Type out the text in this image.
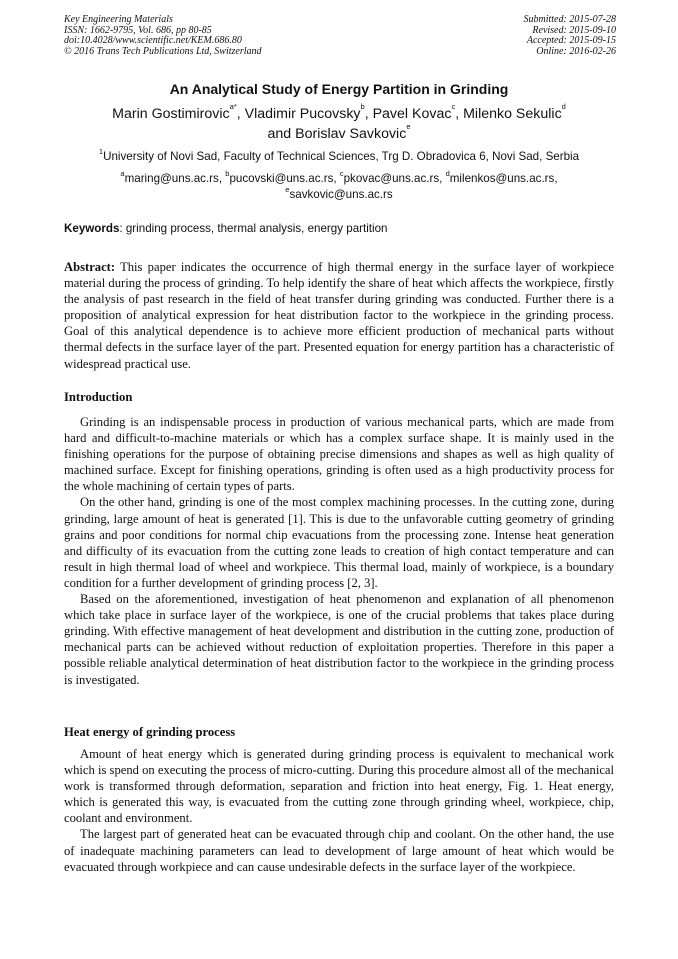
Key Engineering Materials
ISSN: 1662-9795, Vol. 686, pp 80-85
doi:10.4028/www.scientific.net/KEM.686.80
© 2016 Trans Tech Publications Ltd, Switzerland
Submitted: 2015-07-28
Revised: 2015-09-10
Accepted: 2015-09-15
Online: 2016-02-26
An Analytical Study of Energy Partition in Grinding
Marin Gostimirovic$^{a*}$, Vladimir Pucovsky$^b$, Pavel Kovac$^c$, Milenko Sekulic$^d$
and Borislav Savkovic$^e$
$^1$University of Novi Sad, Faculty of Technical Sciences, Trg D. Obradovica 6, Novi Sad, Serbia
$^a$maring@uns.ac.rs, $^b$pucovski@uns.ac.rs, $^c$pkovac@uns.ac.rs, $^d$milenkos@uns.ac.rs,
$^e$savkovic@uns.ac.rs
Keywords: grinding process, thermal analysis, energy partition

Abstract: This paper indicates the occurrence of high thermal energy in the surface layer of workpiece material during the process of grinding. To help identify the share of heat which affects the workpiece, firstly the analysis of past research in the field of heat transfer during grinding was conducted. Further there is a proposition of analytical expression for heat distribution factor to the workpiece in the grinding process. Goal of this analytical dependence is to achieve more efficient production of mechanical parts without thermal defects in the surface layer of the part. Presented equation for energy partition has a characteristic of widespread practical use.

Introduction

Grinding is an indispensable process in production of various mechanical parts, which are made from hard and difficult-to-machine materials or which has a complex surface shape. It is mainly used in the finishing operations for the purpose of obtaining precise dimensions and shapes as well as high quality of machined surface. Except for finishing operations, grinding is often used as a high productivity process for the whole machining of certain types of parts.

On the other hand, grinding is one of the most complex machining processes. In the cutting zone, during grinding, large amount of heat is generated [1]. This is due to the unfavorable cutting geometry of grinding grains and poor conditions for normal chip evacuations from the processing zone. Intense heat generation and difficulty of its evacuation from the cutting zone leads to creation of high contact temperature and can result in high thermal load of wheel and workpiece. This thermal load, mainly of workpiece, is a boundary condition for a further development of grinding process [2, 3].

Based on the aforementioned, investigation of heat phenomenon and explanation of all phenomenon which take place in surface layer of the workpiece, is one of the crucial problems that takes place during grinding. With effective management of heat development and distribution in the cutting zone, production of mechanical parts can be achieved without reduction of exploitation properties. Therefore in this paper a possible reliable analytical determination of heat distribution factor to the workpiece in the grinding process is investigated.

Heat energy of grinding process

Amount of heat energy which is generated during grinding process is equivalent to mechanical work which is spend on executing the process of micro-cutting. During this procedure almost all of the mechanical work is transformed through deformation, separation and friction into heat energy, Fig. 1. Heat energy, which is generated this way, is evacuated from the cutting zone through grinding wheel, workpiece, chip, coolant and environment.

The largest part of generated heat can be evacuated through chip and coolant. On the other hand, the use of inadequate machining parameters can lead to development of large amount of heat which would be evacuated through workpiece and can cause undesirable defects in the surface layer of the workpiece.
